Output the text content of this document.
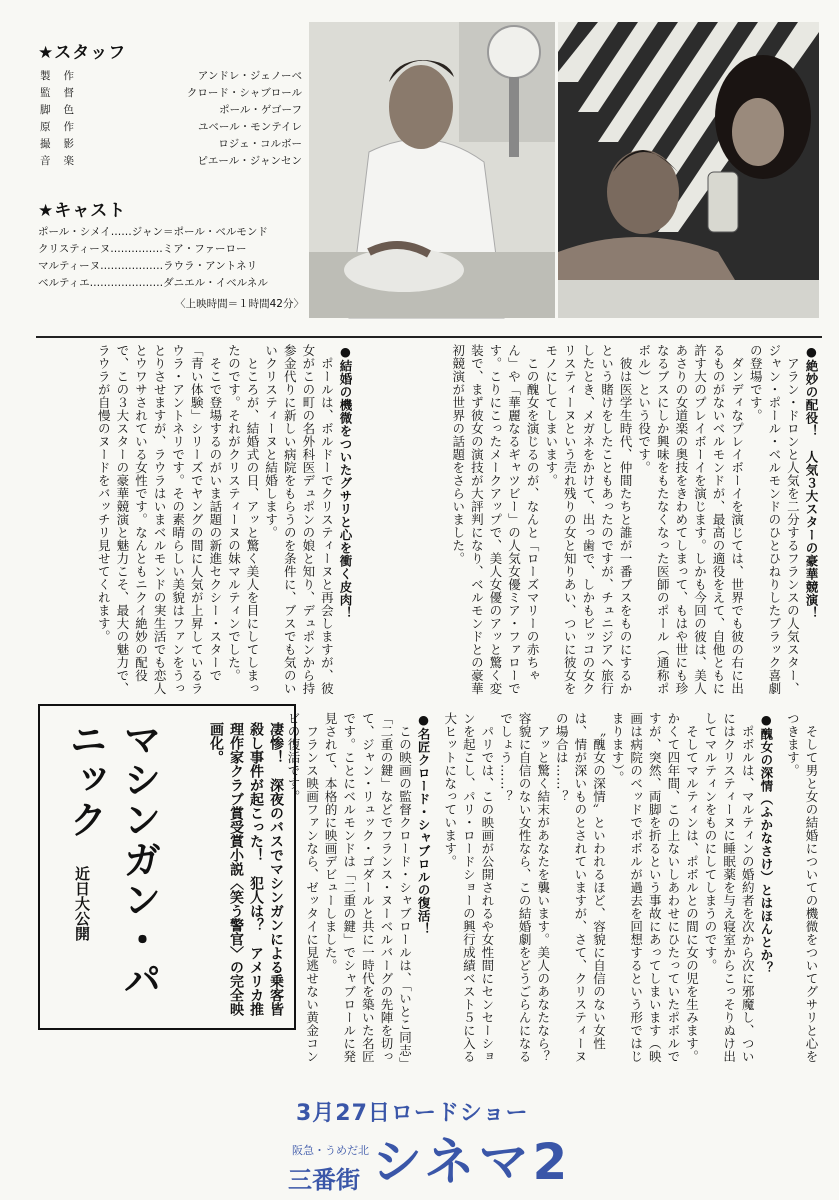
★スタッフ
製作	アンドレ・ジェノーベ
監督	クロード・シャブロール
脚色	ポール・ゲゴーフ
原作	ユベール・モンテイレ
撮影	ロジェ・コルボー
音楽	ピエール・ジャンセン
★キャスト
ポール・シメイ……ジャン＝ポール・ベルモンド
クリスティーヌ……………ミア・ファーロー
マルティーヌ………………ラウラ・アントネリ
ベルティエ…………………ダニエル・イベルネル
〈上映時間＝１時間42分〉

●絶妙の配役！　人気３大スターの豪華競演！

アラン・ドロンと人気を二分するフランスの人気スター、ジャン・ポール・ベルモンドのひとひねりしたブラック喜劇の登場です。

ダンディなプレイボーイを演じては、世界でも彼の右に出るものがないベルモンドが、最高の適役をえて、自他ともに許す大のプレイボーイを演じます。しかも今回の彼は、美人あさりの女道楽の奥技をきわめてしまって、もはや世にも珍なるブスにしか興味をもたなくなった医師のポール（通称ポボル）という役です。

彼は医学生時代、仲間たちと誰が一番ブスをものにするかという賭けをしたこともあったのですが、チュニジアへ旅行したとき、メガネをかけて、出っ歯で、しかもビッコの女クリスティーヌという売れ残りの女と知りあい、ついに彼女をモノにしてしまいます。

この醜女を演じるのが、なんと「ローズマリーの赤ちゃん」や「華麗なるギャツビー」の人気女優ミア・ファローです。こりにこったメークアップで、美人女優のアッと驚く変装で、まず彼女の演技が大評判になり、ベルモンドとの豪華初競演が世界の話題をさらいました。

●結婚の機微をついたグサリと心を衝く皮肉！

ポールは、ボルドーでクリスティーヌと再会しますが、彼女がこの町の名外科医デュポンの娘と知り、デュポンから持参金代りに新しい病院をもらうのを条件に、ブスでも気のいいクリスティーヌと結婚します。

ところが、結婚式の日、アッと驚く美人を目にしてしまったのです。それがクリスティーヌの妹マルティンでした。

そこで登場するのがいま話題の新進セクシー・スターで「青い体験」シリーズでヤングの間に人気が上昇しているラウラ・アントネリです。その素晴らしい美貌はファンをうっとりさせますが、ラウラはいまベルモンドの実生活でも恋人とウワサされている女性です。なんともニクイ絶妙の配役で、この３大スターの豪華競演と魅力こそ、最大の魅力で、ラウラが自慢のヌードをバッチリ見せてくれます。

そして男と女の結婚についての機微をついてグサリと心をつきます。

●醜女の深情（ふかなさけ）とはほんとか？

ポボルは、マルティンの婚約者を次から次に邪魔し、ついにはクリスティーヌに睡眠薬を与え寝室からこっそりぬけ出してマルティンをものにしてしまうのです。

そしてマルティンは、ポボルとの間に女の児を生みます。かくて四年間、この上ないしあわせにひたっていたポボルですが、突然、両脚を折るという事故にあってしまいます（映画は病院のベッドでポボルが過去を回想するという形ではじまります）。

〝醜女の深情〟といわれるほど、容貌に自信のない女性は、情が深いものとされていますが、さて、クリスティーヌの場合は……？

アッと驚く結末があなたを襲います。美人のあなたなら？　容貌に自信のない女性なら、この結婚劇をどうごらんになるでしょう……？

パリでは、この映画が公開されるや女性間にセンセーションを起こし、パリ・ロードショーの興行成績ベスト５に入る大ヒットになっています。

●名匠クロード・シャブロルの復活！

この映画の監督クロード・シャブロールは、「いとこ同志」「二重の鍵」などでフランス・ヌーベルバーグの先陣を切って、ジャン・リュック・ゴダールと共に一時代を築いた名匠です。ことにベルモンドは「二重の鍵」でシャブロールに発見されて、本格的に映画デビューしました。

フランス映画ファンなら、ゼッタイに見逃せない黄金コンビの復活です。

凄惨！　深夜のバスでマシンガンによる乗客皆殺し事件が起こった！　犯人は？　アメリカ推理作家クラブ賞受賞小説〈笑う警官〉の完全映画化。
マシンガン・パニック
近日大公開
3月27日ロードショー
阪急・うめだ北
三番街 シネマ2
